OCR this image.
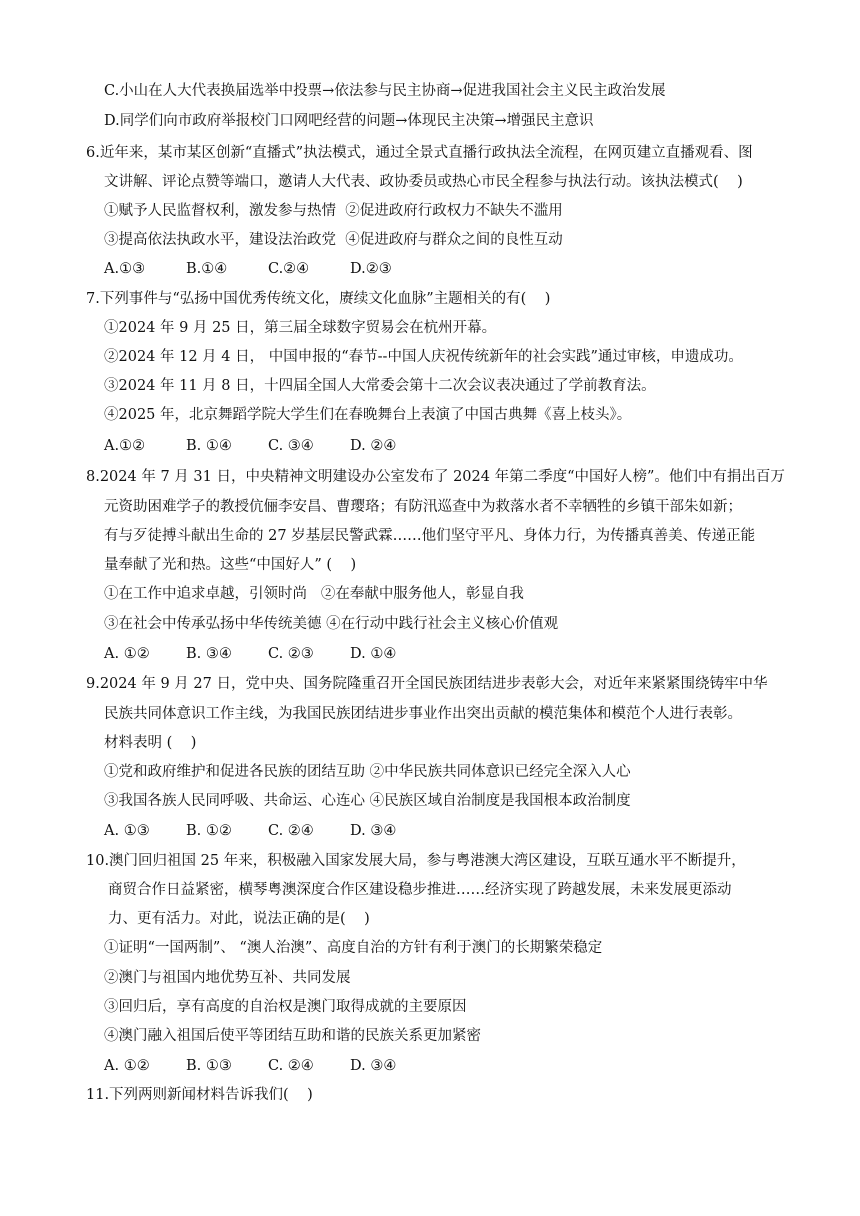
C.小山在人大代表换届选举中投票→依法参与民主协商→促进我国社会主义民主政治发展
D.同学们向市政府举报校门口网吧经营的问题→体现民主决策→增强民主意识
6.近年来，某市某区创新“直播式”执法模式，通过全景式直播行政执法全流程，在网页建立直播观看、图
文讲解、评论点赞等端口，邀请人大代表、政协委员或热心市民全程参与执法行动。该执法模式(    )
①赋予人民监督权利，激发参与热情  ②促进政府行政权力不缺失不滥用
③提高依法执政水平，建设法治政党  ④促进政府与群众之间的良性互动
A.①③	B.①④	C.②④	D.②③
7.下列事件与“弘扬中国优秀传统文化，赓续文化血脉”主题相关的有(    )
①2024 年 9 月 25 日，第三届全球数字贸易会在杭州开幕。
②2024 年 12 月 4 日， 中国申报的“春节--中国人庆祝传统新年的社会实践”通过审核，申遗成功。
③2024 年 11 月 8 日，十四届全国人大常委会第十二次会议表决通过了学前教育法。
④2025 年，北京舞蹈学院大学生们在春晚舞台上表演了中国古典舞《喜上枝头》。
A.①②	B. ①④ C. ③④ D. ②④
8.2024 年 7 月 31 日，中央精神文明建设办公室发布了 2024 年第二季度“中国好人榜”。他们中有捐出百万
元资助困难学子的教授伉俪李安昌、曹璎珞；有防汛巡查中为救落水者不幸牺牲的乡镇干部朱如新；
有与歹徒搏斗献出生命的 27 岁基层民警武霖……他们坚守平凡、身体力行，为传播真善美、传递正能
量奉献了光和热。这些“中国好人” (    )
①在工作中追求卓越，引领时尚   ②在奉献中服务他人，彰显自我
③在社会中传承弘扬中华传统美德 ④在行动中践行社会主义核心价值观
A. ①②	B. ③④ C. ②③ D. ①④
9.2024 年 9 月 27 日，党中央、国务院隆重召开全国民族团结进步表彰大会，对近年来紧紧围绕铸牢中华
民族共同体意识工作主线，为我国民族团结进步事业作出突出贡献的模范集体和模范个人进行表彰。
材料表明 (    )
①党和政府维护和促进各民族的团结互助 ②中华民族共同体意识已经完全深入人心
③我国各族人民同呼吸、共命运、心连心 ④民族区域自治制度是我国根本政治制度
A. ①③	B. ①② C. ②④ D. ③④
10.澳门回归祖国 25 年来，积极融入国家发展大局，参与粤港澳大湾区建设，互联互通水平不断提升，
商贸合作日益紧密，横琴粤澳深度合作区建设稳步推进……经济实现了跨越发展，未来发展更添动
力、更有活力。对此，说法正确的是(    )
①证明“一国两制”、 “澳人治澳”、高度自治的方针有利于澳门的长期繁荣稳定
②澳门与祖国内地优势互补、共同发展
③回归后，享有高度的自治权是澳门取得成就的主要原因
④澳门融入祖国后使平等团结互助和谐的民族关系更加紧密
A. ①②	B. ①③ C. ②④ D. ③④
11.下列两则新闻材料告诉我们(    )
